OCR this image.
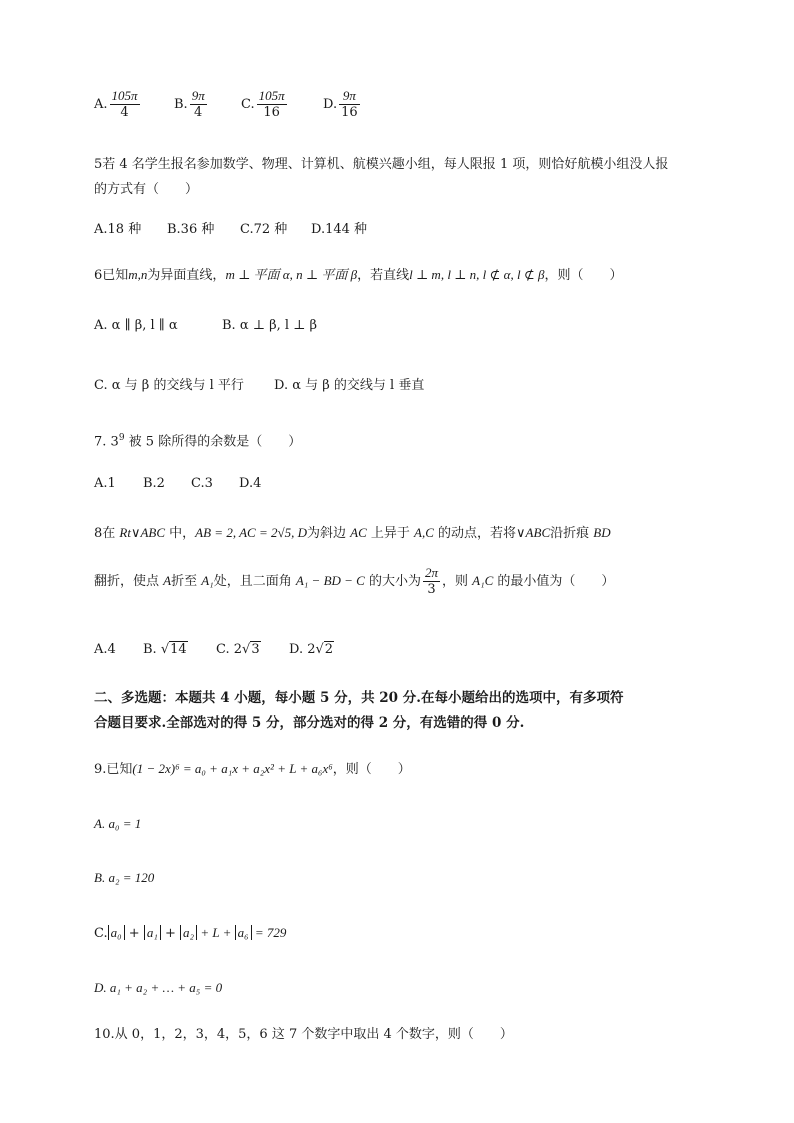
A. $\frac{105\pi}{4}$	B. $\frac{9\pi}{4}$	C. $\frac{105\pi}{16}$	D. $\frac{9\pi}{16}$
5若 4 名学生报名参加数学、物理、计算机、航模兴趣小组，每人限报 1 项，则恰好航模小组没人报
的方式有（　　）
A.18 种 B.36 种 C.72 种 D.144 种
6已知m,n为异面直线，m ⊥ 平面 α, n ⊥ 平面 β，若直线l ⊥ m, l ⊥ n, l ⊄ α, l ⊄ β，则（　　）
A. α ∥ β, l ∥ α	B. α ⊥ β, l ⊥ β
C. α 与 β 的交线与 l 平行 D. α 与 β 的交线与 l 垂直
7. $3^9$ 被 5 除所得的余数是（　　）
A.1 B.2 C.3 D.4
8在 Rt∨ABC 中，AB = 2, AC = 2√5, D为斜边 AC 上异于 A,C 的动点，若将∨ABC沿折痕 BD
翻折，使点 A折至 A₁处，且二面角 A₁ − BD − C 的大小为 $\frac{2\pi}{3}$ ，则 A₁C 的最小值为（　　）
A.4 B. √14 C. 2√3 D. 2√2
二、多选题：本题共 4 小题，每小题 5 分，共 20 分.在每小题给出的选项中，有多项符
合题目要求.全部选对的得 5 分，部分选对的得 2 分，有选错的得 0 分.
9.已知(1 − 2x)⁶ = a₀ + a₁x + a₂x² + L + a₆x⁶，则（　　）
A. a₀ = 1
B. a₂ = 120
C. a₀ + a₁ + a₂ + L + a₆ = 729
D. a₁ + a₂ + … + a₅ = 0
10.从 0，1，2，3，4，5，6 这 7 个数字中取出 4 个数字，则（　　）
